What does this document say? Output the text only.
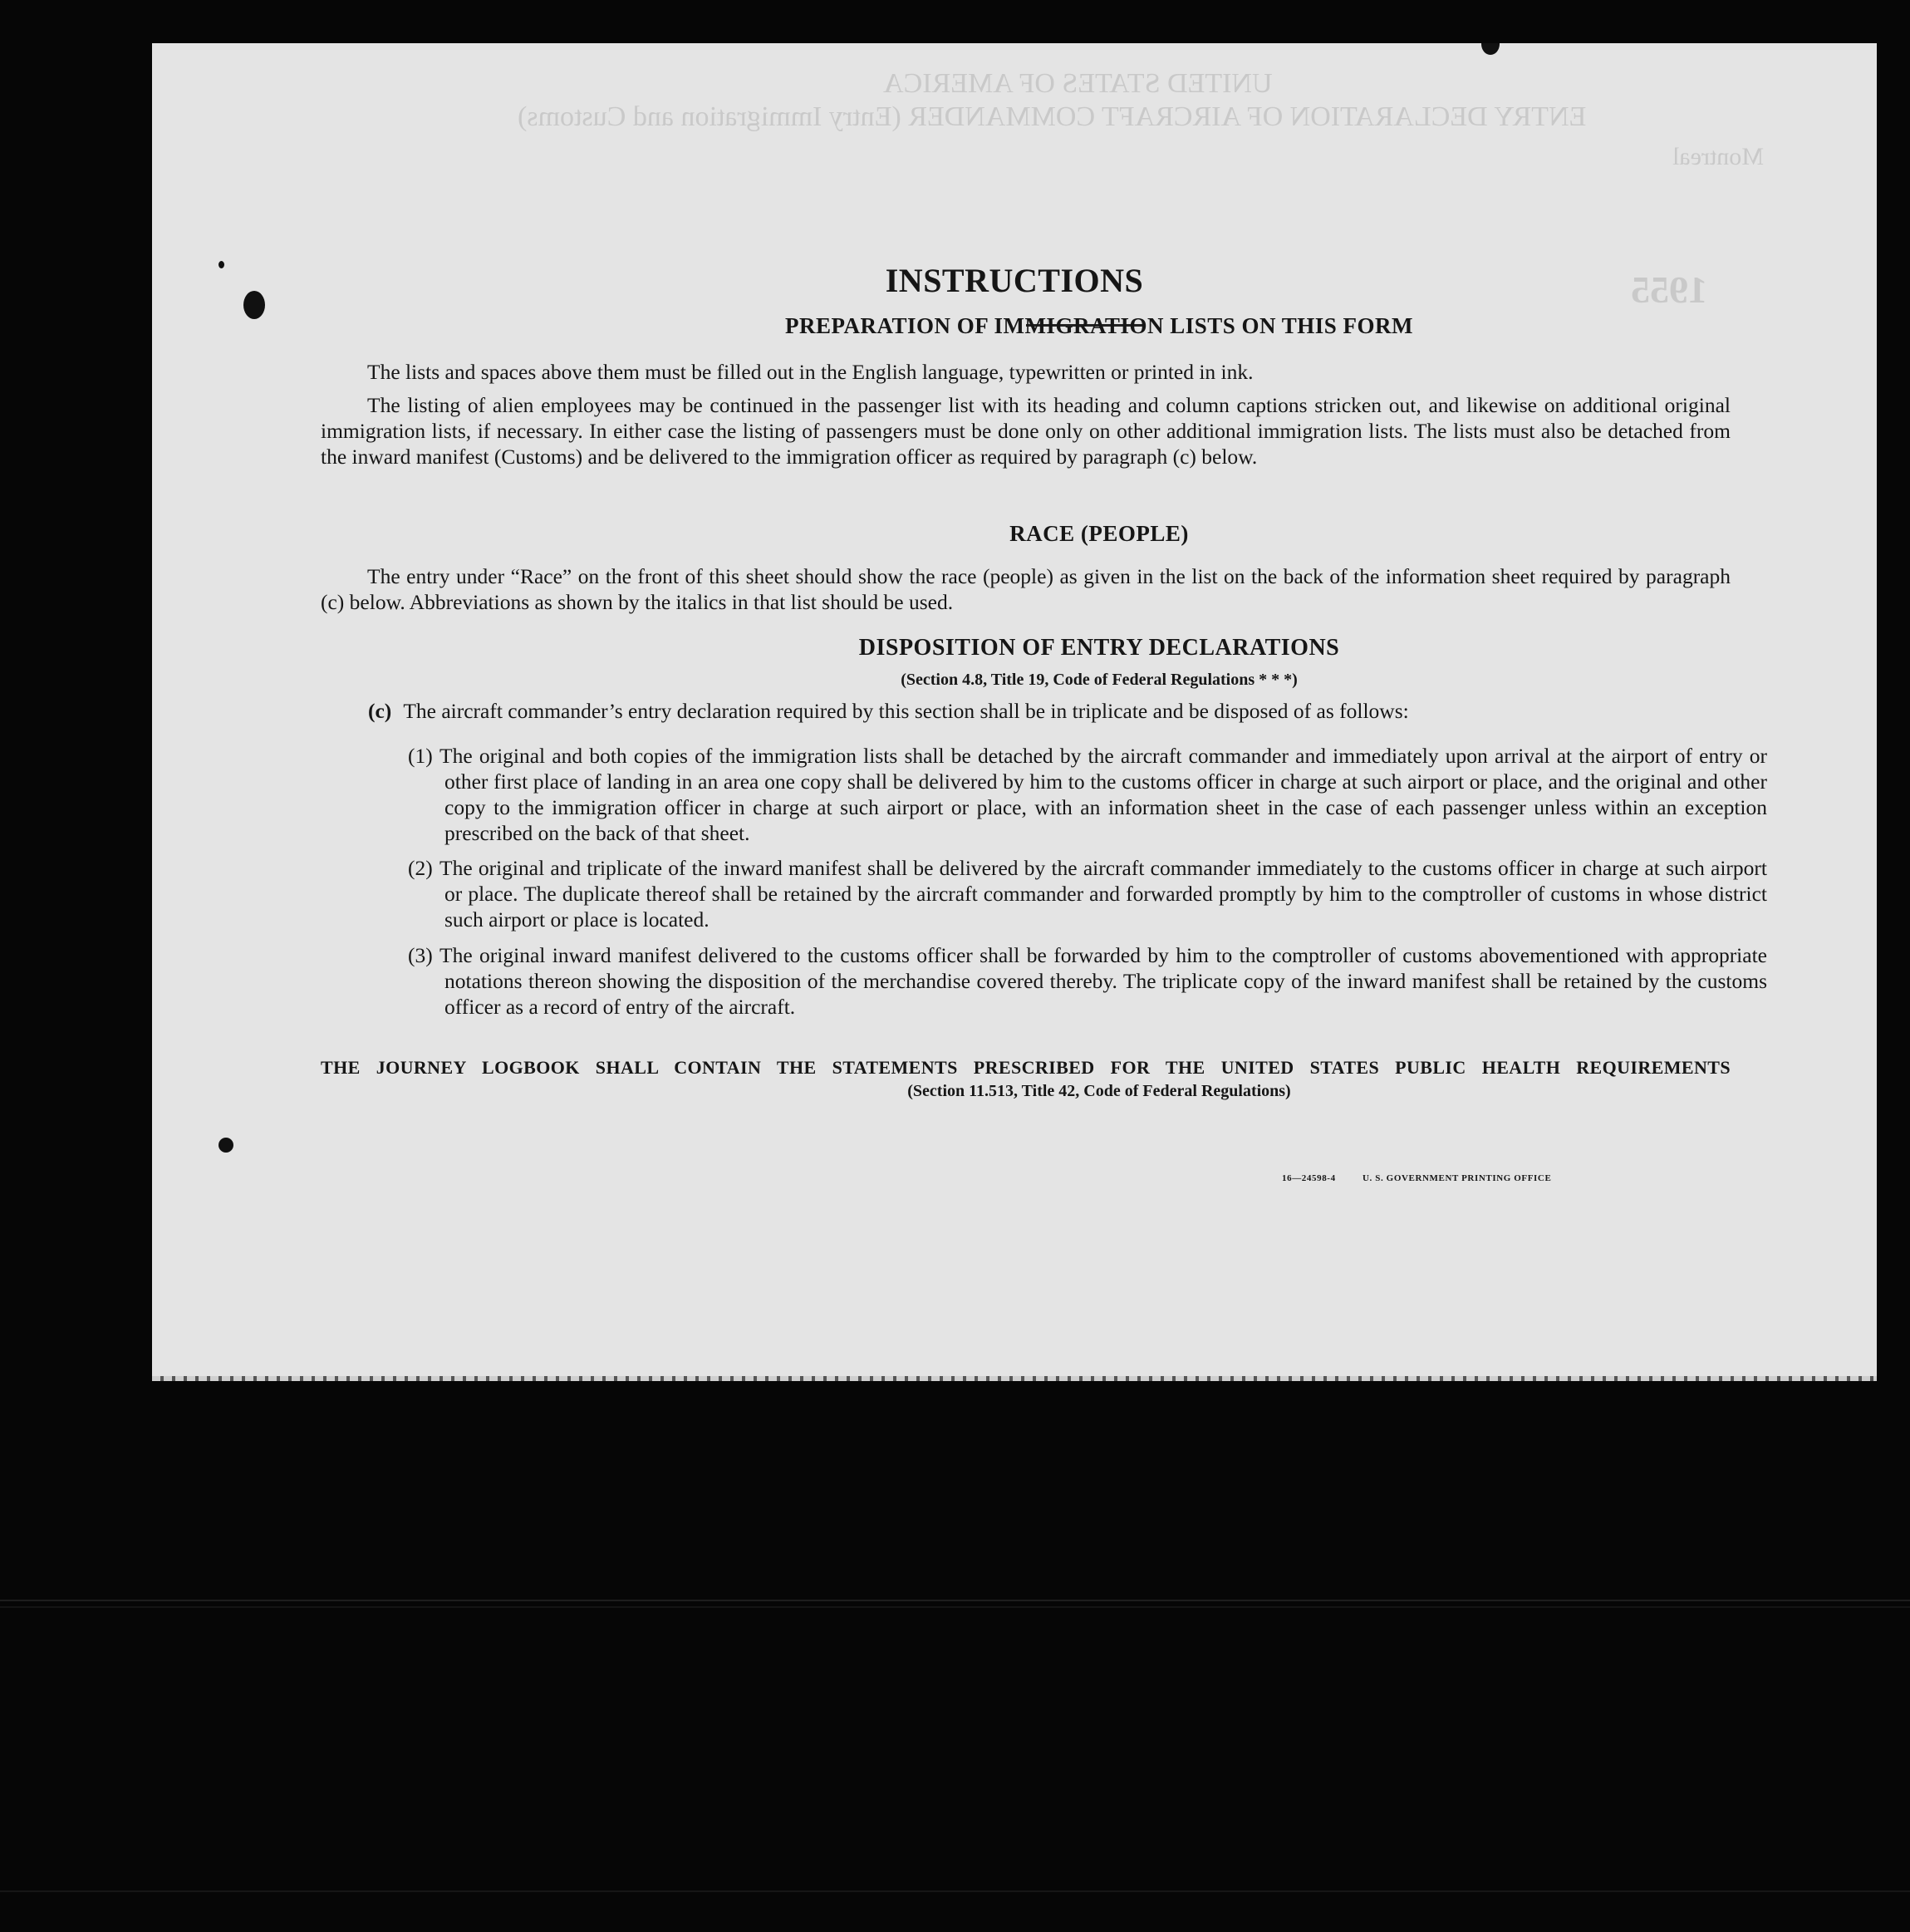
UNITED STATES OF AMERICA
ENTRY DECLARATION OF AIRCRAFT COMMANDER (Entry Immigration and Customs)
Montreal
1955
INSTRUCTIONS
PREPARATION OF IMMIGRATION LISTS ON THIS FORM
The lists and spaces above them must be filled out in the English language, typewritten or printed in ink.
The listing of alien employees may be continued in the passenger list with its heading and column captions stricken out, and likewise on additional original immigration lists, if necessary. In either case the listing of passengers must be done only on other additional immigration lists. The lists must also be detached from the inward manifest (Customs) and be delivered to the immigration officer as required by paragraph (c) below.
RACE (PEOPLE)
The entry under “Race” on the front of this sheet should show the race (people) as given in the list on the back of the information sheet required by paragraph (c) below. Abbreviations as shown by the italics in that list should be used.
DISPOSITION OF ENTRY DECLARATIONS
(Section 4.8, Title 19, Code of Federal Regulations * * *)
(c) The aircraft commander’s entry declaration required by this section shall be in triplicate and be disposed of as follows:
(1) The original and both copies of the immigration lists shall be detached by the aircraft commander and immediately upon arrival at the airport of entry or other first place of landing in an area one copy shall be delivered by him to the customs officer in charge at such airport or place, and the original and other copy to the immigration officer in charge at such airport or place, with an information sheet in the case of each passenger unless within an exception prescribed on the back of that sheet.
(2) The original and triplicate of the inward manifest shall be delivered by the aircraft commander immediately to the customs officer in charge at such airport or place. The duplicate thereof shall be retained by the aircraft commander and forwarded promptly by him to the comptroller of customs in whose district such airport or place is located.
(3) The original inward manifest delivered to the customs officer shall be forwarded by him to the comptroller of customs abovementioned with appropriate notations thereon showing the disposition of the merchandise covered thereby. The triplicate copy of the inward manifest shall be retained by the customs officer as a record of entry of the aircraft.
THE JOURNEY LOGBOOK SHALL CONTAIN THE STATEMENTS PRESCRIBED FOR THE UNITED STATES PUBLIC HEALTH REQUIREMENTS
(Section 11.513, Title 42, Code of Federal Regulations)
16—24598-4	U. S. GOVERNMENT PRINTING OFFICE
